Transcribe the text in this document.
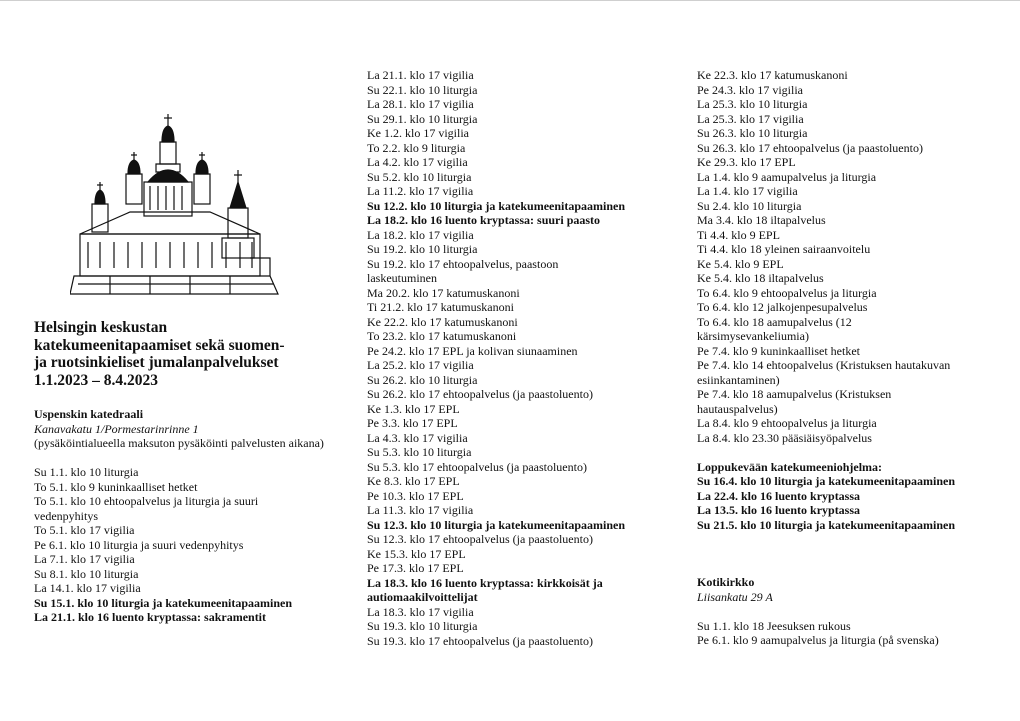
Helsingin keskustan
katekumeenitapaamiset sekä suomen-
ja ruotsinkieliset jumalanpalvelukset
1.1.2023 – 8.4.2023
Uspenskin katedraali
Kanavakatu 1/Pormestarinrinne 1
(pysäköintialueella maksuton pysäköinti palvelusten aikana)
Su 1.1. klo 10 liturgia
To 5.1. klo 9 kuninkaalliset hetket
To 5.1. klo 10 ehtoopalvelus ja liturgia ja suuri vedenpyhitys
To 5.1. klo 17 vigilia
Pe 6.1. klo 10 liturgia ja suuri vedenpyhitys
La 7.1. klo 17 vigilia
Su 8.1. klo 10 liturgia
La 14.1. klo 17 vigilia
Su 15.1. klo 10 liturgia ja katekumeenitapaaminen
La 21.1. klo 16 luento kryptassa: sakramentit
La 21.1. klo 17 vigilia
Su 22.1. klo 10 liturgia
La 28.1. klo 17 vigilia
Su 29.1. klo 10 liturgia
Ke 1.2. klo 17 vigilia
To 2.2. klo 9 liturgia
La 4.2. klo 17 vigilia
Su 5.2. klo 10 liturgia
La 11.2. klo 17 vigilia
Su 12.2. klo 10 liturgia ja katekumeenitapaaminen
La 18.2. klo 16 luento kryptassa: suuri paasto
La 18.2. klo 17 vigilia
Su 19.2. klo 10 liturgia
Su 19.2. klo 17 ehtoopalvelus, paastoon laskeutuminen
Ma 20.2. klo 17 katumuskanoni
Ti 21.2. klo 17 katumuskanoni
Ke 22.2. klo 17 katumuskanoni
To 23.2. klo 17 katumuskanoni
Pe 24.2. klo 17 EPL ja kolivan siunaaminen
La 25.2. klo 17 vigilia
Su 26.2. klo 10 liturgia
Su 26.2. klo 17 ehtoopalvelus (ja paastoluento)
Ke 1.3. klo 17 EPL
Pe 3.3. klo 17 EPL
La 4.3. klo 17 vigilia
Su 5.3. klo 10 liturgia
Su 5.3. klo 17 ehtoopalvelus (ja paastoluento)
Ke 8.3. klo 17 EPL
Pe 10.3. klo 17 EPL
La 11.3. klo 17 vigilia
Su 12.3. klo 10 liturgia ja katekumeenitapaaminen
Su 12.3. klo 17 ehtoopalvelus (ja paastoluento)
Ke 15.3. klo 17 EPL
Pe 17.3. klo 17 EPL
La 18.3. klo 16 luento kryptassa: kirkkoisät ja autiomaakilvoittelijat
La 18.3. klo 17 vigilia
Su 19.3. klo 10 liturgia
Su 19.3. klo 17 ehtoopalvelus (ja paastoluento)
Ke 22.3. klo 17 katumuskanoni
Pe 24.3. klo 17 vigilia
La 25.3. klo 10 liturgia
La 25.3. klo 17 vigilia
Su 26.3. klo 10 liturgia
Su 26.3. klo 17 ehtoopalvelus (ja paastoluento)
Ke 29.3. klo 17 EPL
La 1.4. klo 9 aamupalvelus ja liturgia
La 1.4. klo 17 vigilia
Su 2.4. klo 10 liturgia
Ma 3.4. klo 18 iltapalvelus
Ti 4.4. klo 9 EPL
Ti 4.4. klo 18 yleinen sairaanvoitelu
Ke 5.4. klo 9 EPL
Ke 5.4. klo 18 iltapalvelus
To 6.4. klo 9 ehtoopalvelus ja liturgia
To 6.4. klo 12 jalkojenpesupalvelus
To 6.4. klo 18 aamupalvelus (12 kärsimysevankeliumia)
Pe 7.4. klo 9 kuninkaalliset hetket
Pe 7.4. klo 14 ehtoopalvelus (Kristuksen hautakuvan esiinkantaminen)
Pe 7.4. klo 18 aamupalvelus (Kristuksen hautauspalvelus)
La 8.4. klo 9 ehtoopalvelus ja liturgia
La 8.4. klo 23.30 pääsiäisyöpalvelus
Loppukevään katekumeeniohjelma:
Su 16.4. klo 10 liturgia ja katekumeenitapaaminen
La 22.4. klo 16 luento kryptassa
La 13.5. klo 16 luento kryptassa
Su 21.5. klo 10 liturgia ja katekumeenitapaaminen
Kotikirkko
Liisankatu 29 A
Su 1.1. klo 18 Jeesuksen rukous
Pe 6.1. klo 9 aamupalvelus ja liturgia (på svenska)
